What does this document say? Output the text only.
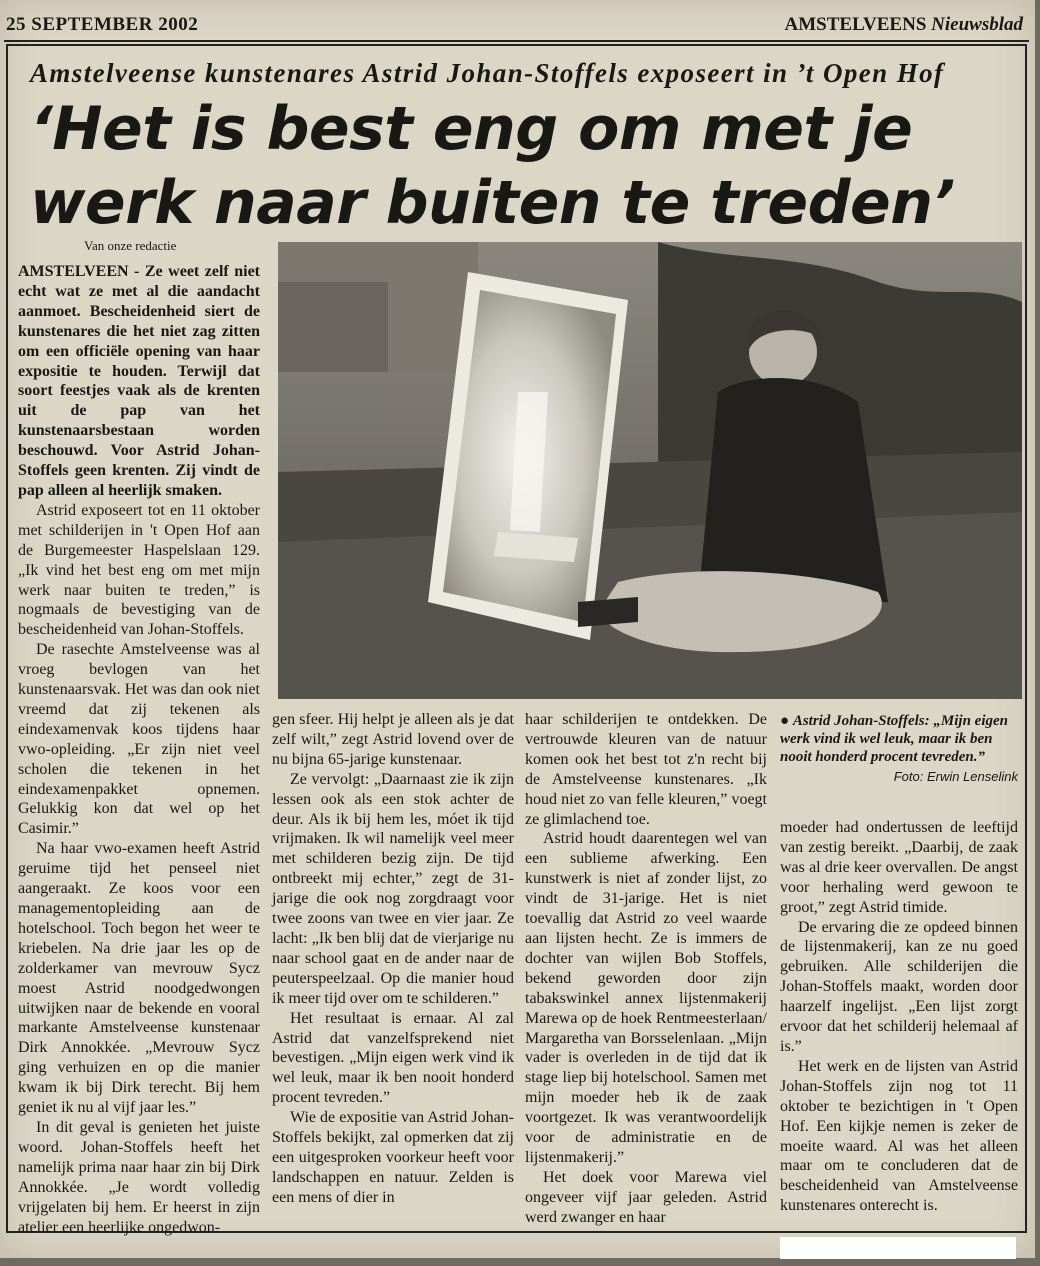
25 SEPTEMBER 2002	AMSTELVEENS Nieuwsblad
Amstelveense kunstenares Astrid Johan-Stoffels exposeert in ’t Open Hof
‘Het is best eng om met je
werk naar buiten te treden’
Van onze redactie

AMSTELVEEN - Ze weet zelf niet echt wat ze met al die aandacht aanmoet. Bescheidenheid siert de kunstenares die het niet zag zitten om een officiële opening van haar expositie te houden. Terwijl dat soort feestjes vaak als de krenten uit de pap van het kunstenaarsbestaan worden beschouwd. Voor Astrid Johan-Stoffels geen krenten. Zij vindt de pap alleen al heerlijk smaken.

Astrid exposeert tot en 11 oktober met schilderijen in 't Open Hof aan de Burgemeester Haspelslaan 129. „Ik vind het best eng om met mijn werk naar buiten te treden,” is nogmaals de bevestiging van de bescheidenheid van Johan-Stoffels.

De rasechte Amstelveense was al vroeg bevlogen van het kunstenaarsvak. Het was dan ook niet vreemd dat zij tekenen als eindexamenvak koos tijdens haar vwo-opleiding. „Er zijn niet veel scholen die tekenen in het eindexamenpakket opnemen. Gelukkig kon dat wel op het Casimir.”

Na haar vwo-examen heeft Astrid geruime tijd het penseel niet aangeraakt. Ze koos voor een managementopleiding aan de hotelschool. Toch begon het weer te kriebelen. Na drie jaar les op de zolderkamer van mevrouw Sycz moest Astrid noodgedwongen uitwijken naar de bekende en vooral markante Amstelveense kunstenaar Dirk Annokkée. „Mevrouw Sycz ging verhuizen en op die manier kwam ik bij Dirk terecht. Bij hem geniet ik nu al vijf jaar les.”

In dit geval is genieten het juiste woord. Johan-Stoffels heeft het namelijk prima naar haar zin bij Dirk Annokkée. „Je wordt volledig vrijgelaten bij hem. Er heerst in zijn atelier een heerlijke ongedwon-

gen sfeer. Hij helpt je alleen als je dat zelf wilt,” zegt Astrid lovend over de nu bijna 65-jarige kunstenaar.

Ze vervolgt: „Daarnaast zie ik zijn lessen ook als een stok achter de deur. Als ik bij hem les, móet ik tijd vrijmaken. Ik wil namelijk veel meer met schilderen bezig zijn. De tijd ontbreekt mij echter,” zegt de 31-jarige die ook nog zorgdraagt voor twee zoons van twee en vier jaar. Ze lacht: „Ik ben blij dat de vierjarige nu naar school gaat en de ander naar de peuterspeelzaal. Op die manier houd ik meer tijd over om te schilderen.”

Het resultaat is ernaar. Al zal Astrid dat vanzelfsprekend niet bevestigen. „Mijn eigen werk vind ik wel leuk, maar ik ben nooit honderd procent tevreden.”

Wie de expositie van Astrid Johan-Stoffels bekijkt, zal opmerken dat zij een uitgesproken voorkeur heeft voor landschappen en natuur. Zelden is een mens of dier in

haar schilderijen te ontdekken. De vertrouwde kleuren van de natuur komen ook het best tot z'n recht bij de Amstelveense kunstenares. „Ik houd niet zo van felle kleuren,” voegt ze glimlachend toe.

Astrid houdt daarentegen wel van een sublieme afwerking. Een kunstwerk is niet af zonder lijst, zo vindt de 31-jarige. Het is niet toevallig dat Astrid zo veel waarde aan lijsten hecht. Ze is immers de dochter van wijlen Bob Stoffels, bekend geworden door zijn tabakswinkel annex lijstenmakerij Marewa op de hoek Rentmeesterlaan/ Margaretha van Borsselenlaan. „Mijn vader is overleden in de tijd dat ik stage liep bij hotelschool. Samen met mijn moeder heb ik de zaak voortgezet. Ik was verantwoordelijk voor de administratie en de lijstenmakerij.”

Het doek voor Marewa viel ongeveer vijf jaar geleden. Astrid werd zwanger en haar

● Astrid Johan-Stoffels: „Mijn eigen werk vind ik wel leuk, maar ik ben nooit honderd procent tevreden.”
Foto: Erwin Lenselink

moeder had ondertussen de leeftijd van zestig bereikt. „Daarbij, de zaak was al drie keer overvallen. De angst voor herhaling werd gewoon te groot,” zegt Astrid timide.

De ervaring die ze opdeed binnen de lijstenmakerij, kan ze nu goed gebruiken. Alle schilderijen die Johan-Stoffels maakt, worden door haarzelf ingelijst. „Een lijst zorgt ervoor dat het schilderij helemaal af is.”

Het werk en de lijsten van Astrid Johan-Stoffels zijn nog tot 11 oktober te bezichtigen in 't Open Hof. Een kijkje nemen is zeker de moeite waard. Al was het alleen maar om te concluderen dat de bescheidenheid van Amstelveense kunstenares onterecht is.
